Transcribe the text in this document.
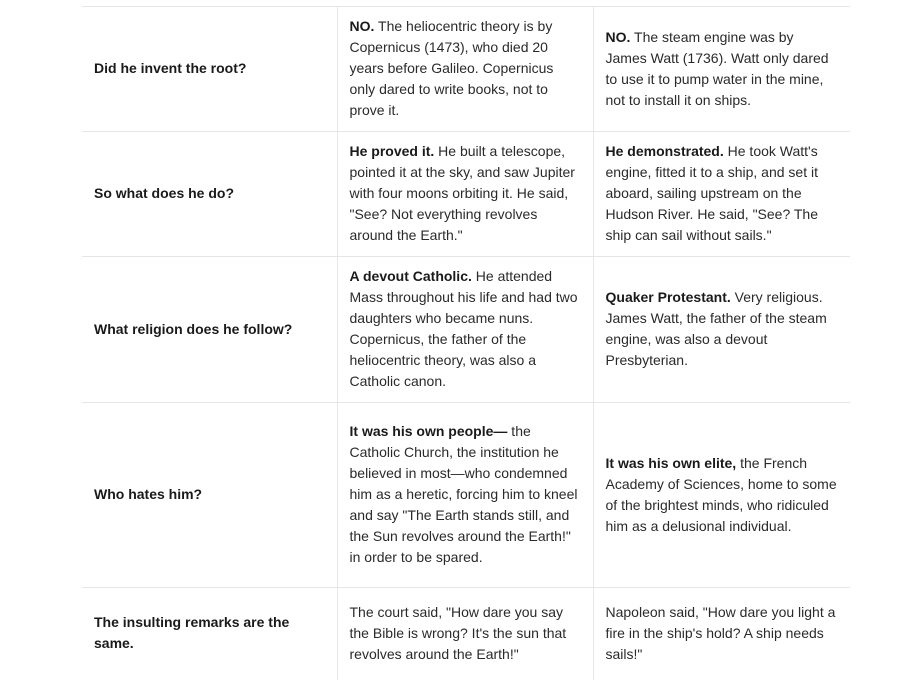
Did he invent the root?	NO. The heliocentric theory is by Copernicus (1473), who died 20 years before Galileo. Copernicus only dared to write books, not to prove it.	NO. The steam engine was by James Watt (1736). Watt only dared to use it to pump water in the mine, not to install it on ships.
So what does he do?	He proved it. He built a telescope, pointed it at the sky, and saw Jupiter with four moons orbiting it. He said, "See? Not everything revolves around the Earth."	He demonstrated. He took Watt's engine, fitted it to a ship, and set it aboard, sailing upstream on the Hudson River. He said, "See? The ship can sail without sails."
What religion does he follow?	A devout Catholic. He attended Mass throughout his life and had two daughters who became nuns. Copernicus, the father of the heliocentric theory, was also a Catholic canon.	Quaker Protestant. Very religious. James Watt, the father of the steam engine, was also a devout Presbyterian.
Who hates him?	It was his own people— the Catholic Church, the institution he believed in most—who condemned him as a heretic, forcing him to kneel and say "The Earth stands still, and the Sun revolves around the Earth!" in order to be spared.	It was his own elite, the French Academy of Sciences, home to some of the brightest minds, who ridiculed him as a delusional individual.
The insulting remarks are the same.	The court said, "How dare you say the Bible is wrong? It's the sun that revolves around the Earth!"	Napoleon said, "How dare you light a fire in the ship's hold? A ship needs sails!"
